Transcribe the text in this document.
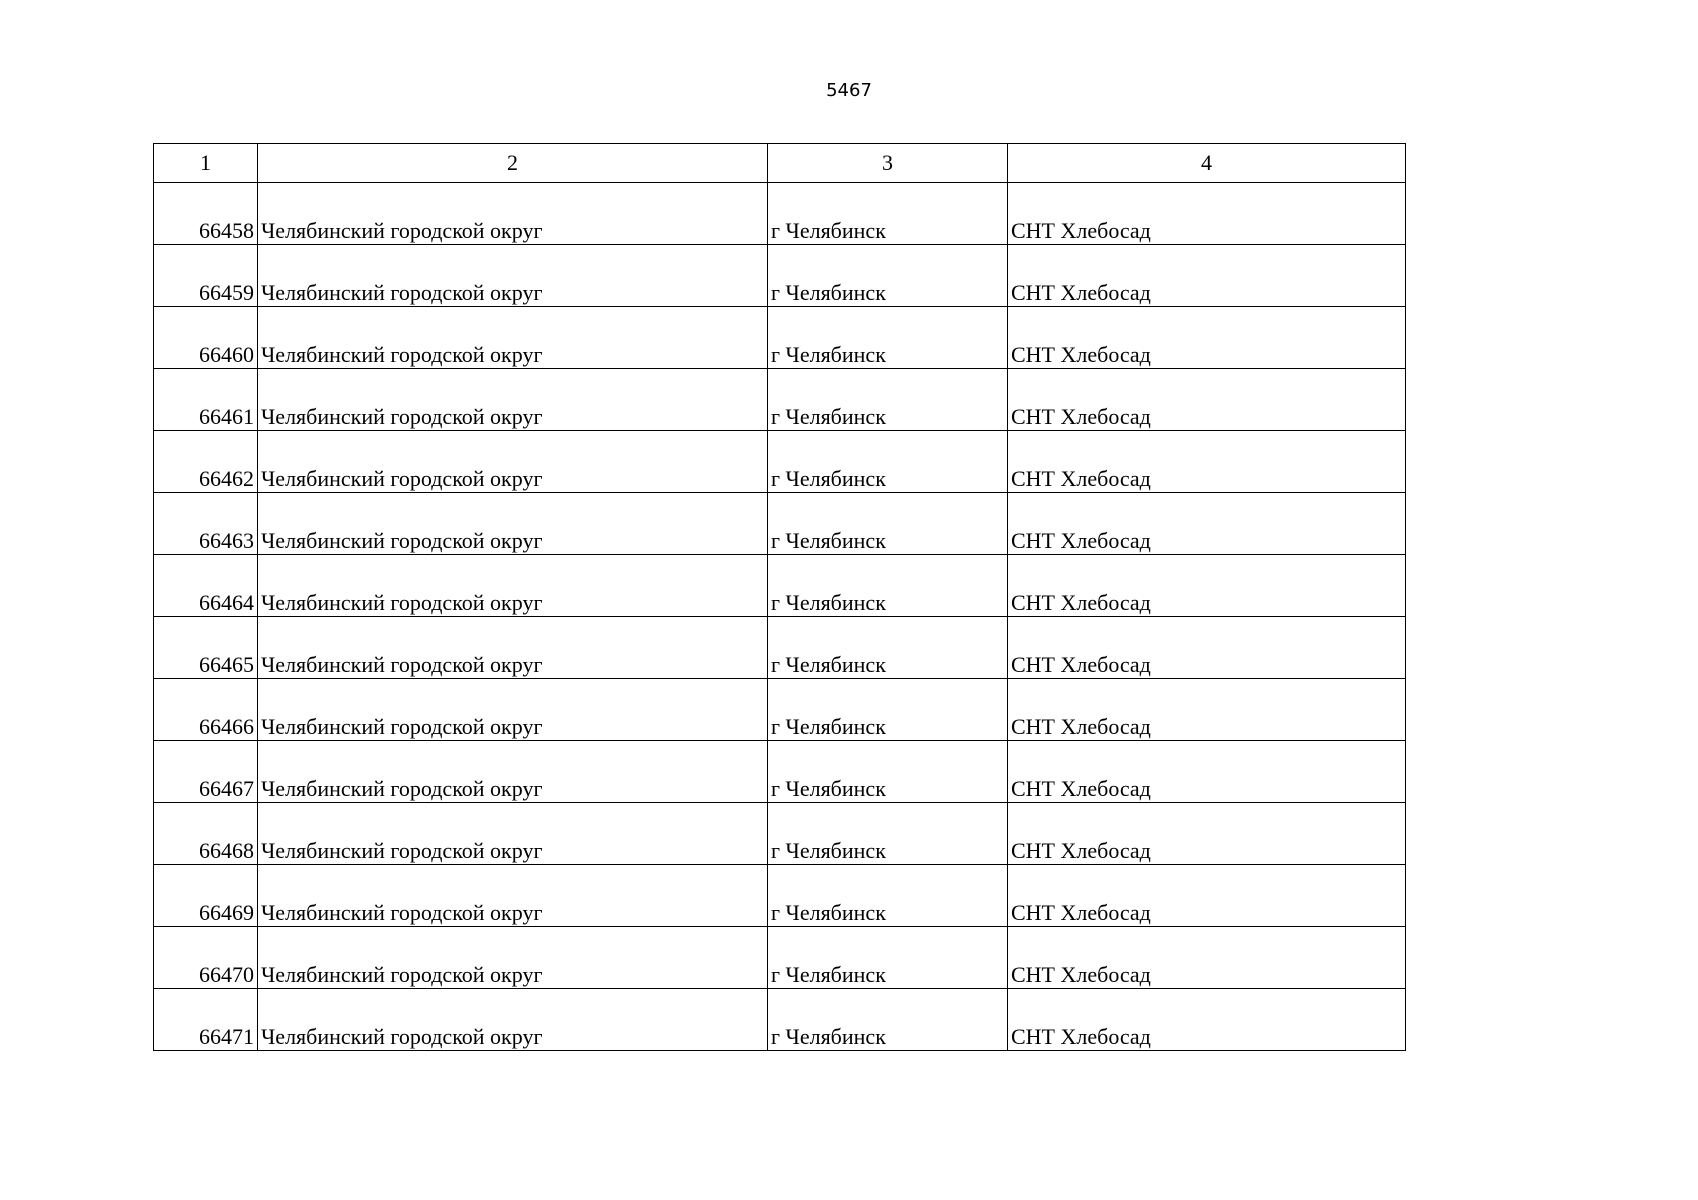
5467
1	2	3	4
66458	Челябинский городской округ	г Челябинск	СНТ Хлебосад
66459	Челябинский городской округ	г Челябинск	СНТ Хлебосад
66460	Челябинский городской округ	г Челябинск	СНТ Хлебосад
66461	Челябинский городской округ	г Челябинск	СНТ Хлебосад
66462	Челябинский городской округ	г Челябинск	СНТ Хлебосад
66463	Челябинский городской округ	г Челябинск	СНТ Хлебосад
66464	Челябинский городской округ	г Челябинск	СНТ Хлебосад
66465	Челябинский городской округ	г Челябинск	СНТ Хлебосад
66466	Челябинский городской округ	г Челябинск	СНТ Хлебосад
66467	Челябинский городской округ	г Челябинск	СНТ Хлебосад
66468	Челябинский городской округ	г Челябинск	СНТ Хлебосад
66469	Челябинский городской округ	г Челябинск	СНТ Хлебосад
66470	Челябинский городской округ	г Челябинск	СНТ Хлебосад
66471	Челябинский городской округ	г Челябинск	СНТ Хлебосад
